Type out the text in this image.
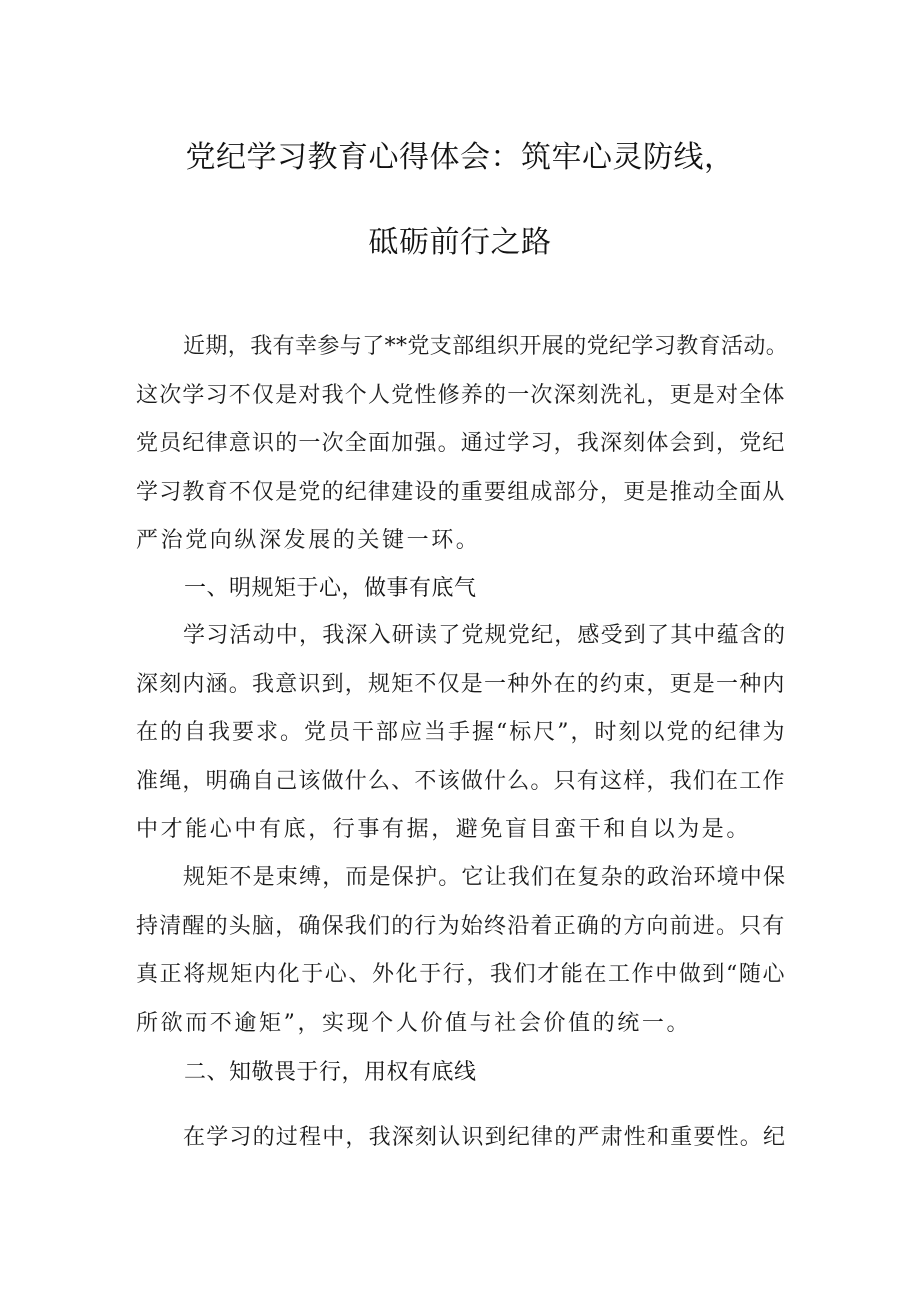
党纪学习教育心得体会：筑牢心灵防线，
砥砺前行之路
近期，我有幸参与了**党支部组织开展的党纪学习教育活动。
这次学习不仅是对我个人党性修养的一次深刻洗礼，更是对全体
党员纪律意识的一次全面加强。通过学习，我深刻体会到，党纪
学习教育不仅是党的纪律建设的重要组成部分，更是推动全面从
严治党向纵深发展的关键一环。
一、明规矩于心，做事有底气
学习活动中，我深入研读了党规党纪，感受到了其中蕴含的
深刻内涵。我意识到，规矩不仅是一种外在的约束，更是一种内
在的自我要求。党员干部应当手握“标尺”，时刻以党的纪律为
准绳，明确自己该做什么、不该做什么。只有这样，我们在工作
中才能心中有底，行事有据，避免盲目蛮干和自以为是。
规矩不是束缚，而是保护。它让我们在复杂的政治环境中保
持清醒的头脑，确保我们的行为始终沿着正确的方向前进。只有
真正将规矩内化于心、外化于行，我们才能在工作中做到“随心
所欲而不逾矩”，实现个人价值与社会价值的统一。
二、知敬畏于行，用权有底线
在学习的过程中，我深刻认识到纪律的严肃性和重要性。纪
